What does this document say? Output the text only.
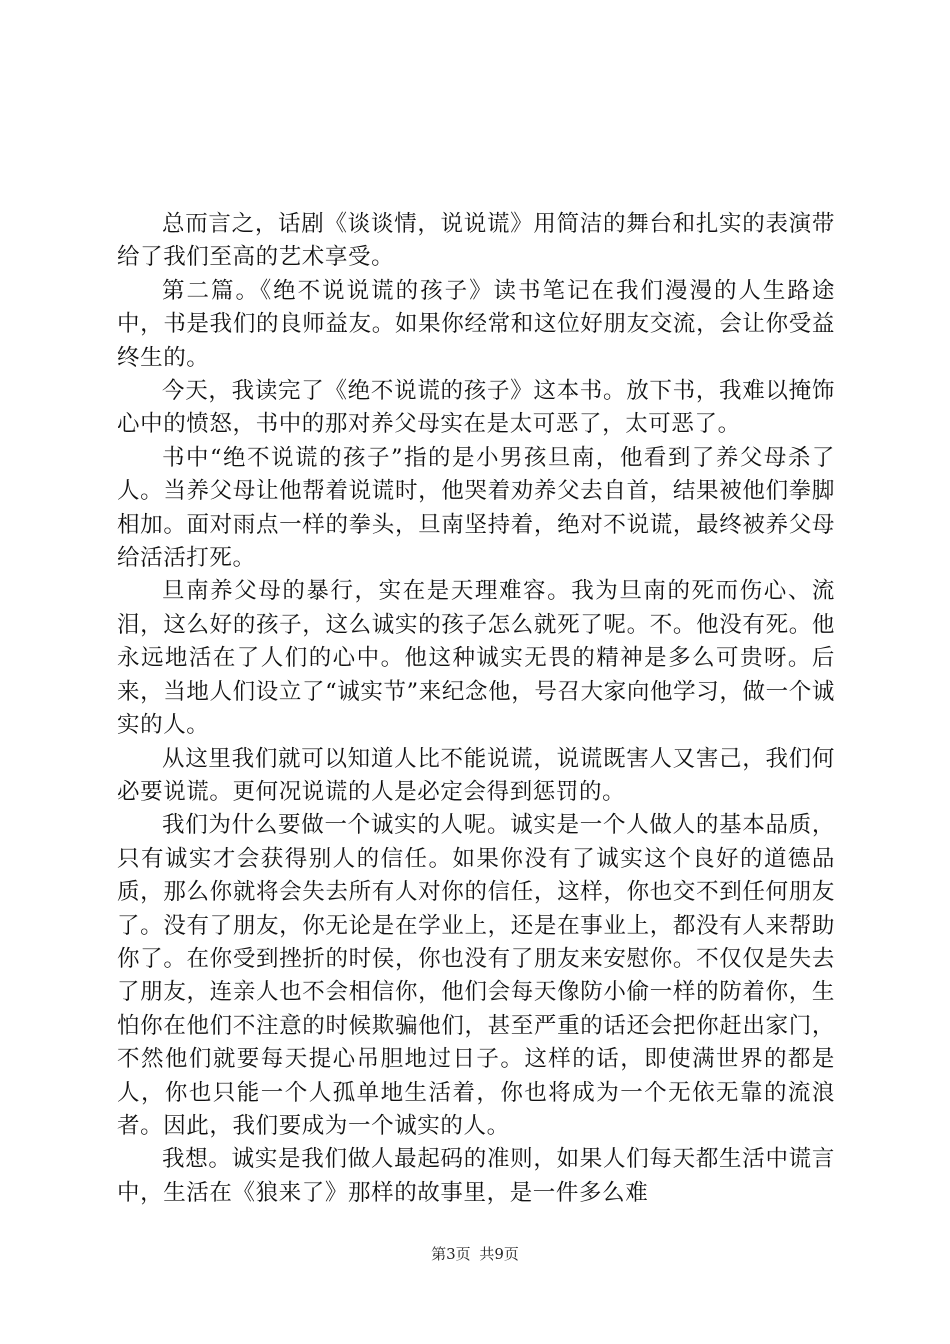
总而言之，话剧《谈谈情，说说谎》用简洁的舞台和扎实的表演带给了我们至高的艺术享受。

第二篇。《绝不说说谎的孩子》读书笔记在我们漫漫的人生路途中，书是我们的良师益友。如果你经常和这位好朋友交流，会让你受益终生的。

今天，我读完了《绝不说谎的孩子》这本书。放下书，我难以掩饰心中的愤怒，书中的那对养父母实在是太可恶了，太可恶了。

书中“绝不说谎的孩子”指的是小男孩旦南，他看到了养父母杀了人。当养父母让他帮着说谎时，他哭着劝养父去自首，结果被他们拳脚相加。面对雨点一样的拳头，旦南坚持着，绝对不说谎，最终被养父母给活活打死。

旦南养父母的暴行，实在是天理难容。我为旦南的死而伤心、流泪，这么好的孩子，这么诚实的孩子怎么就死了呢。不。他没有死。他永远地活在了人们的心中。他这种诚实无畏的精神是多么可贵呀。后来，当地人们设立了“诚实节”来纪念他，号召大家向他学习，做一个诚实的人。

从这里我们就可以知道人比不能说谎，说谎既害人又害己，我们何必要说谎。更何况说谎的人是必定会得到惩罚的。

我们为什么要做一个诚实的人呢。诚实是一个人做人的基本品质，只有诚实才会获得别人的信任。如果你没有了诚实这个良好的道德品质，那么你就将会失去所有人对你的信任，这样，你也交不到任何朋友了。没有了朋友，你无论是在学业上，还是在事业上，都没有人来帮助你了。在你受到挫折的时侯，你也没有了朋友来安慰你。不仅仅是失去了朋友，连亲人也不会相信你，他们会每天像防小偷一样的防着你，生怕你在他们不注意的时候欺骗他们，甚至严重的话还会把你赶出家门，不然他们就要每天提心吊胆地过日子。这样的话，即使满世界的都是人，你也只能一个人孤单地生活着，你也将成为一个无依无靠的流浪者。因此，我们要成为一个诚实的人。

我想。诚实是我们做人最起码的准则，如果人们每天都生活中谎言中，生活在《狼来了》那样的故事里，是一件多么难

第3页 共9页
